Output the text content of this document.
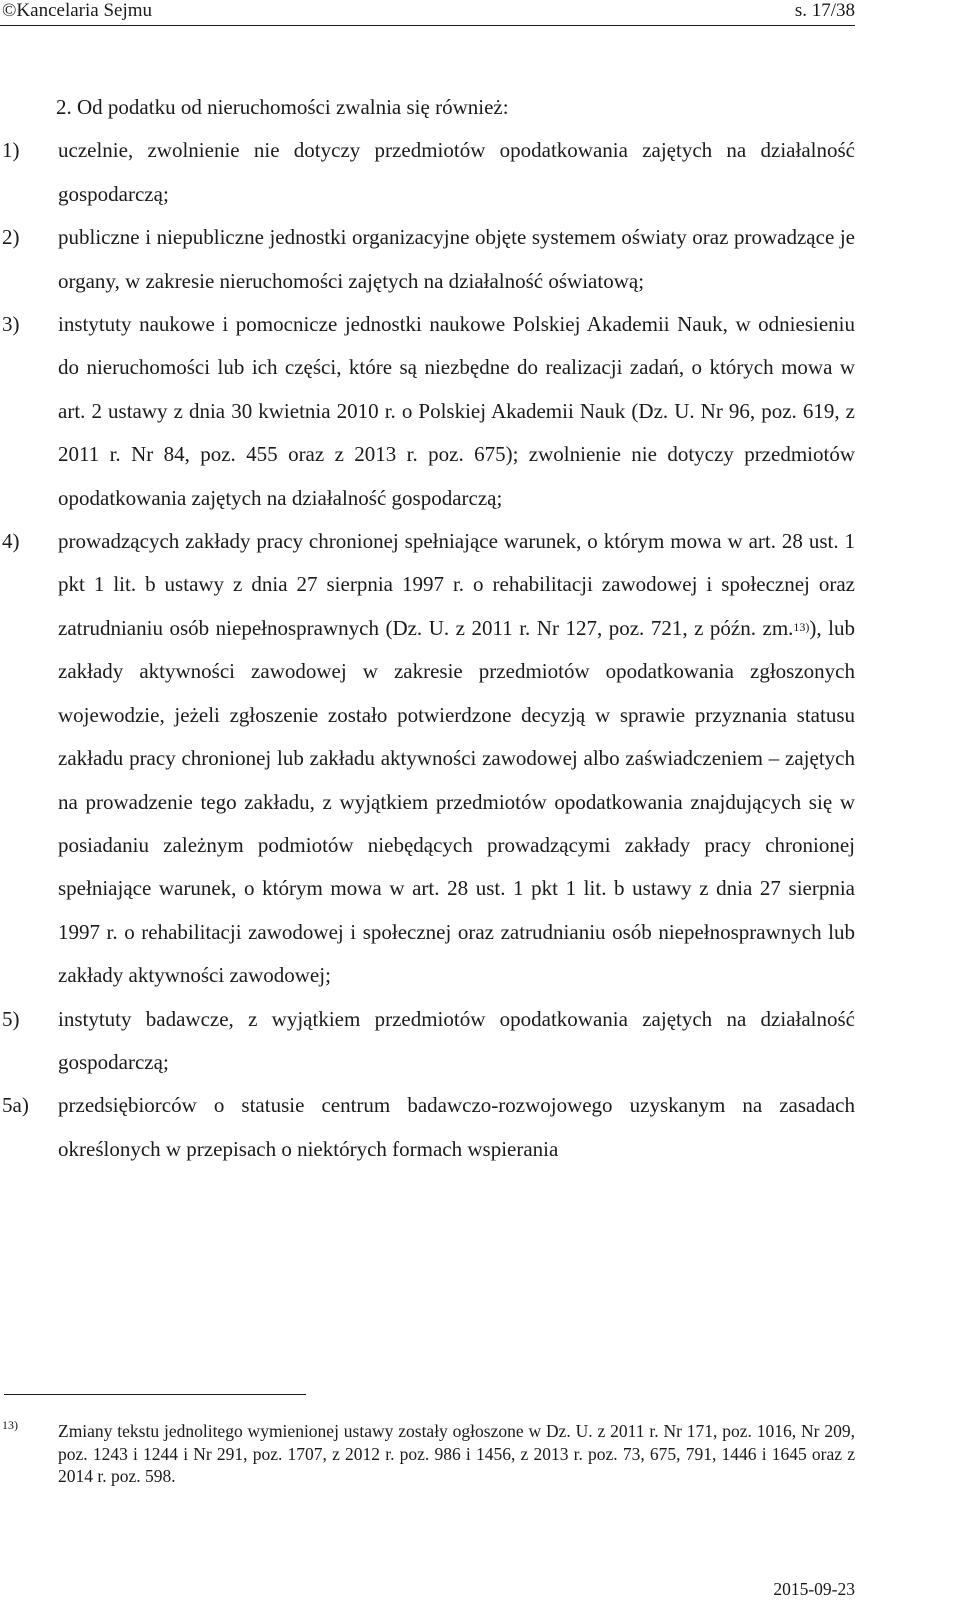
©Kancelaria Sejmu	s. 17/38
2. Od podatku od nieruchomości zwalnia się również:
1) uczelnie, zwolnienie nie dotyczy przedmiotów opodatkowania zajętych na działalność gospodarczą;
2) publiczne i niepubliczne jednostki organizacyjne objęte systemem oświaty oraz prowadzące je organy, w zakresie nieruchomości zajętych na działalność oświatową;
3) instytuty naukowe i pomocnicze jednostki naukowe Polskiej Akademii Nauk, w odniesieniu do nieruchomości lub ich części, które są niezbędne do realizacji zadań, o których mowa w art. 2 ustawy z dnia 30 kwietnia 2010 r. o Polskiej Akademii Nauk (Dz. U. Nr 96, poz. 619, z 2011 r. Nr 84, poz. 455 oraz z 2013 r. poz. 675); zwolnienie nie dotyczy przedmiotów opodatkowania zajętych na działalność gospodarczą;
4) prowadzących zakłady pracy chronionej spełniające warunek, o którym mowa w art. 28 ust. 1 pkt 1 lit. b ustawy z dnia 27 sierpnia 1997 r. o rehabilitacji zawodowej i społecznej oraz zatrudnianiu osób niepełnosprawnych (Dz. U. z 2011 r. Nr 127, poz. 721, z późn. zm.$^{13)}$), lub zakłady aktywności zawodowej w zakresie przedmiotów opodatkowania zgłoszonych wojewodzie, jeżeli zgłoszenie zostało potwierdzone decyzją w sprawie przyznania statusu zakładu pracy chronionej lub zakładu aktywności zawodowej albo zaświadczeniem – zajętych na prowadzenie tego zakładu, z wyjątkiem przedmiotów opodatkowania znajdujących się w posiadaniu zależnym podmiotów niebędących prowadzącymi zakłady pracy chronionej spełniające warunek, o którym mowa w art. 28 ust. 1 pkt 1 lit. b ustawy z dnia 27 sierpnia 1997 r. o rehabilitacji zawodowej i społecznej oraz zatrudnianiu osób niepełnosprawnych lub zakłady aktywności zawodowej;
5) instytuty badawcze, z wyjątkiem przedmiotów opodatkowania zajętych na działalność gospodarczą;
5a) przedsiębiorców o statusie centrum badawczo-rozwojowego uzyskanym na zasadach określonych w przepisach o niektórych formach wspierania
13)	Zmiany tekstu jednolitego wymienionej ustawy zostały ogłoszone w Dz. U. z 2011 r. Nr 171, poz. 1016, Nr 209, poz. 1243 i 1244 i Nr 291, poz. 1707, z 2012 r. poz. 986 i 1456, z 2013 r. poz. 73, 675, 791, 1446 i 1645 oraz z 2014 r. poz. 598.
2015-09-23
